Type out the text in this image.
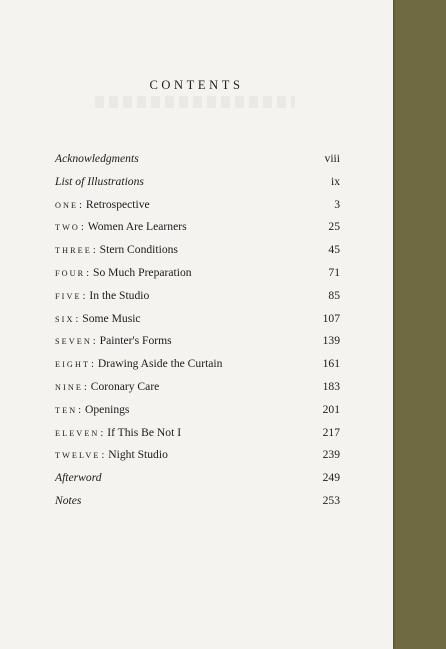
CONTENTS
Acknowledgments	viii
List of Illustrations	ix
ONE: Retrospective	3
TWO: Women Are Learners	25
THREE: Stern Conditions	45
FOUR: So Much Preparation	71
FIVE: In the Studio	85
SIX: Some Music	107
SEVEN: Painter's Forms	139
EIGHT: Drawing Aside the Curtain	161
NINE: Coronary Care	183
TEN: Openings	201
ELEVEN: If This Be Not I	217
TWELVE: Night Studio	239
Afterword	249
Notes	253
